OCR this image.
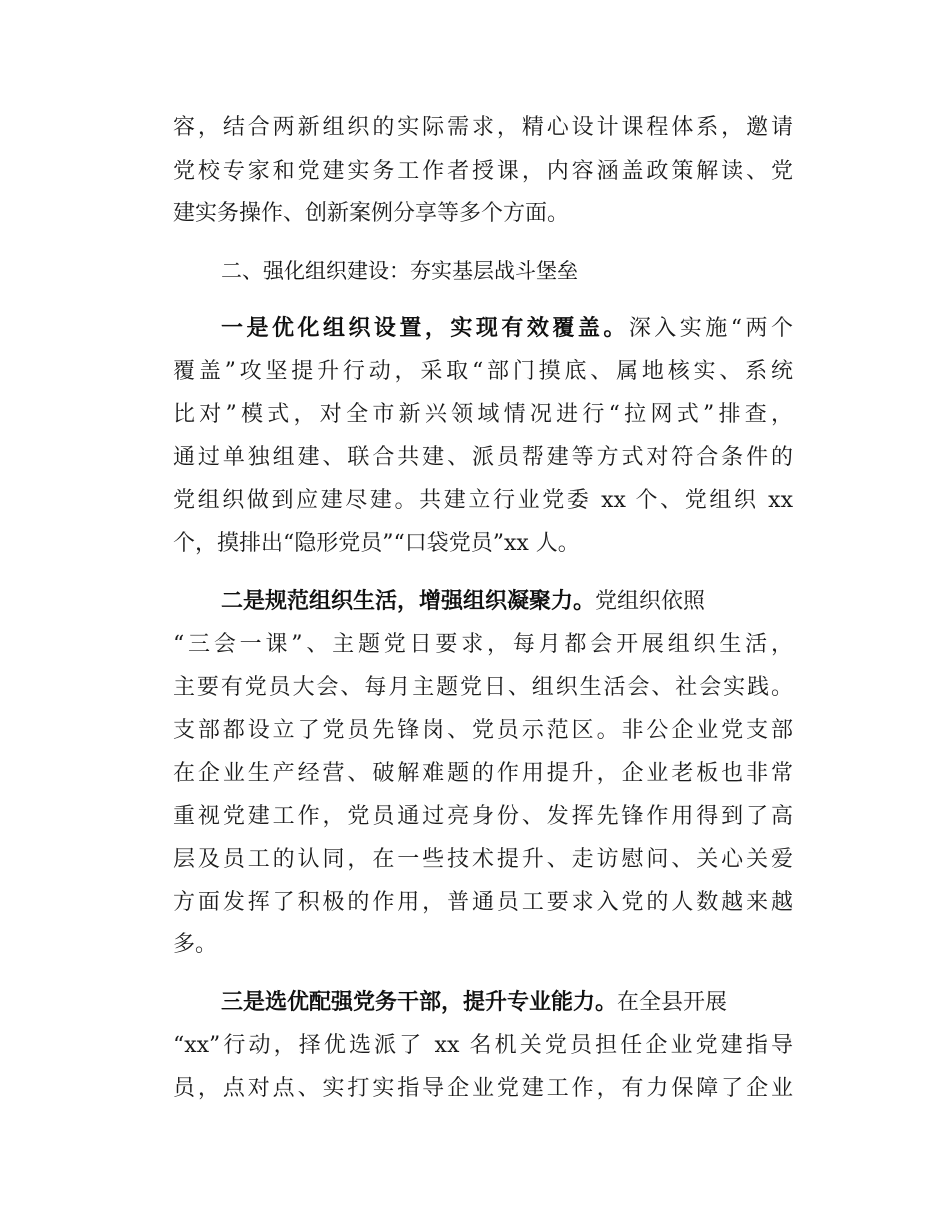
容，结合两新组织的实际需求，精心设计课程体系，邀请
党校专家和党建实务工作者授课，内容涵盖政策解读、党
建实务操作、创新案例分享等多个方面。
二、强化组织建设：夯实基层战斗堡垒
一是优化组织设置，实现有效覆盖。深入实施“两个
覆盖”攻坚提升行动，采取“部门摸底、属地核实、系统
比对”模式，对全市新兴领域情况进行“拉网式”排查，
通过单独组建、联合共建、派员帮建等方式对符合条件的
党组织做到应建尽建。共建立行业党委 xx 个、党组织 xx
个，摸排出“隐形党员”“口袋党员”xx 人。
二是规范组织生活，增强组织凝聚力。党组织依照
“三会一课”、主题党日要求，每月都会开展组织生活，
主要有党员大会、每月主题党日、组织生活会、社会实践。
支部都设立了党员先锋岗、党员示范区。非公企业党支部
在企业生产经营、破解难题的作用提升，企业老板也非常
重视党建工作，党员通过亮身份、发挥先锋作用得到了高
层及员工的认同，在一些技术提升、走访慰问、关心关爱
方面发挥了积极的作用，普通员工要求入党的人数越来越
多。
三是选优配强党务干部，提升专业能力。在全县开展
“xx”行动，择优选派了 xx 名机关党员担任企业党建指导
员，点对点、实打实指导企业党建工作，有力保障了企业
